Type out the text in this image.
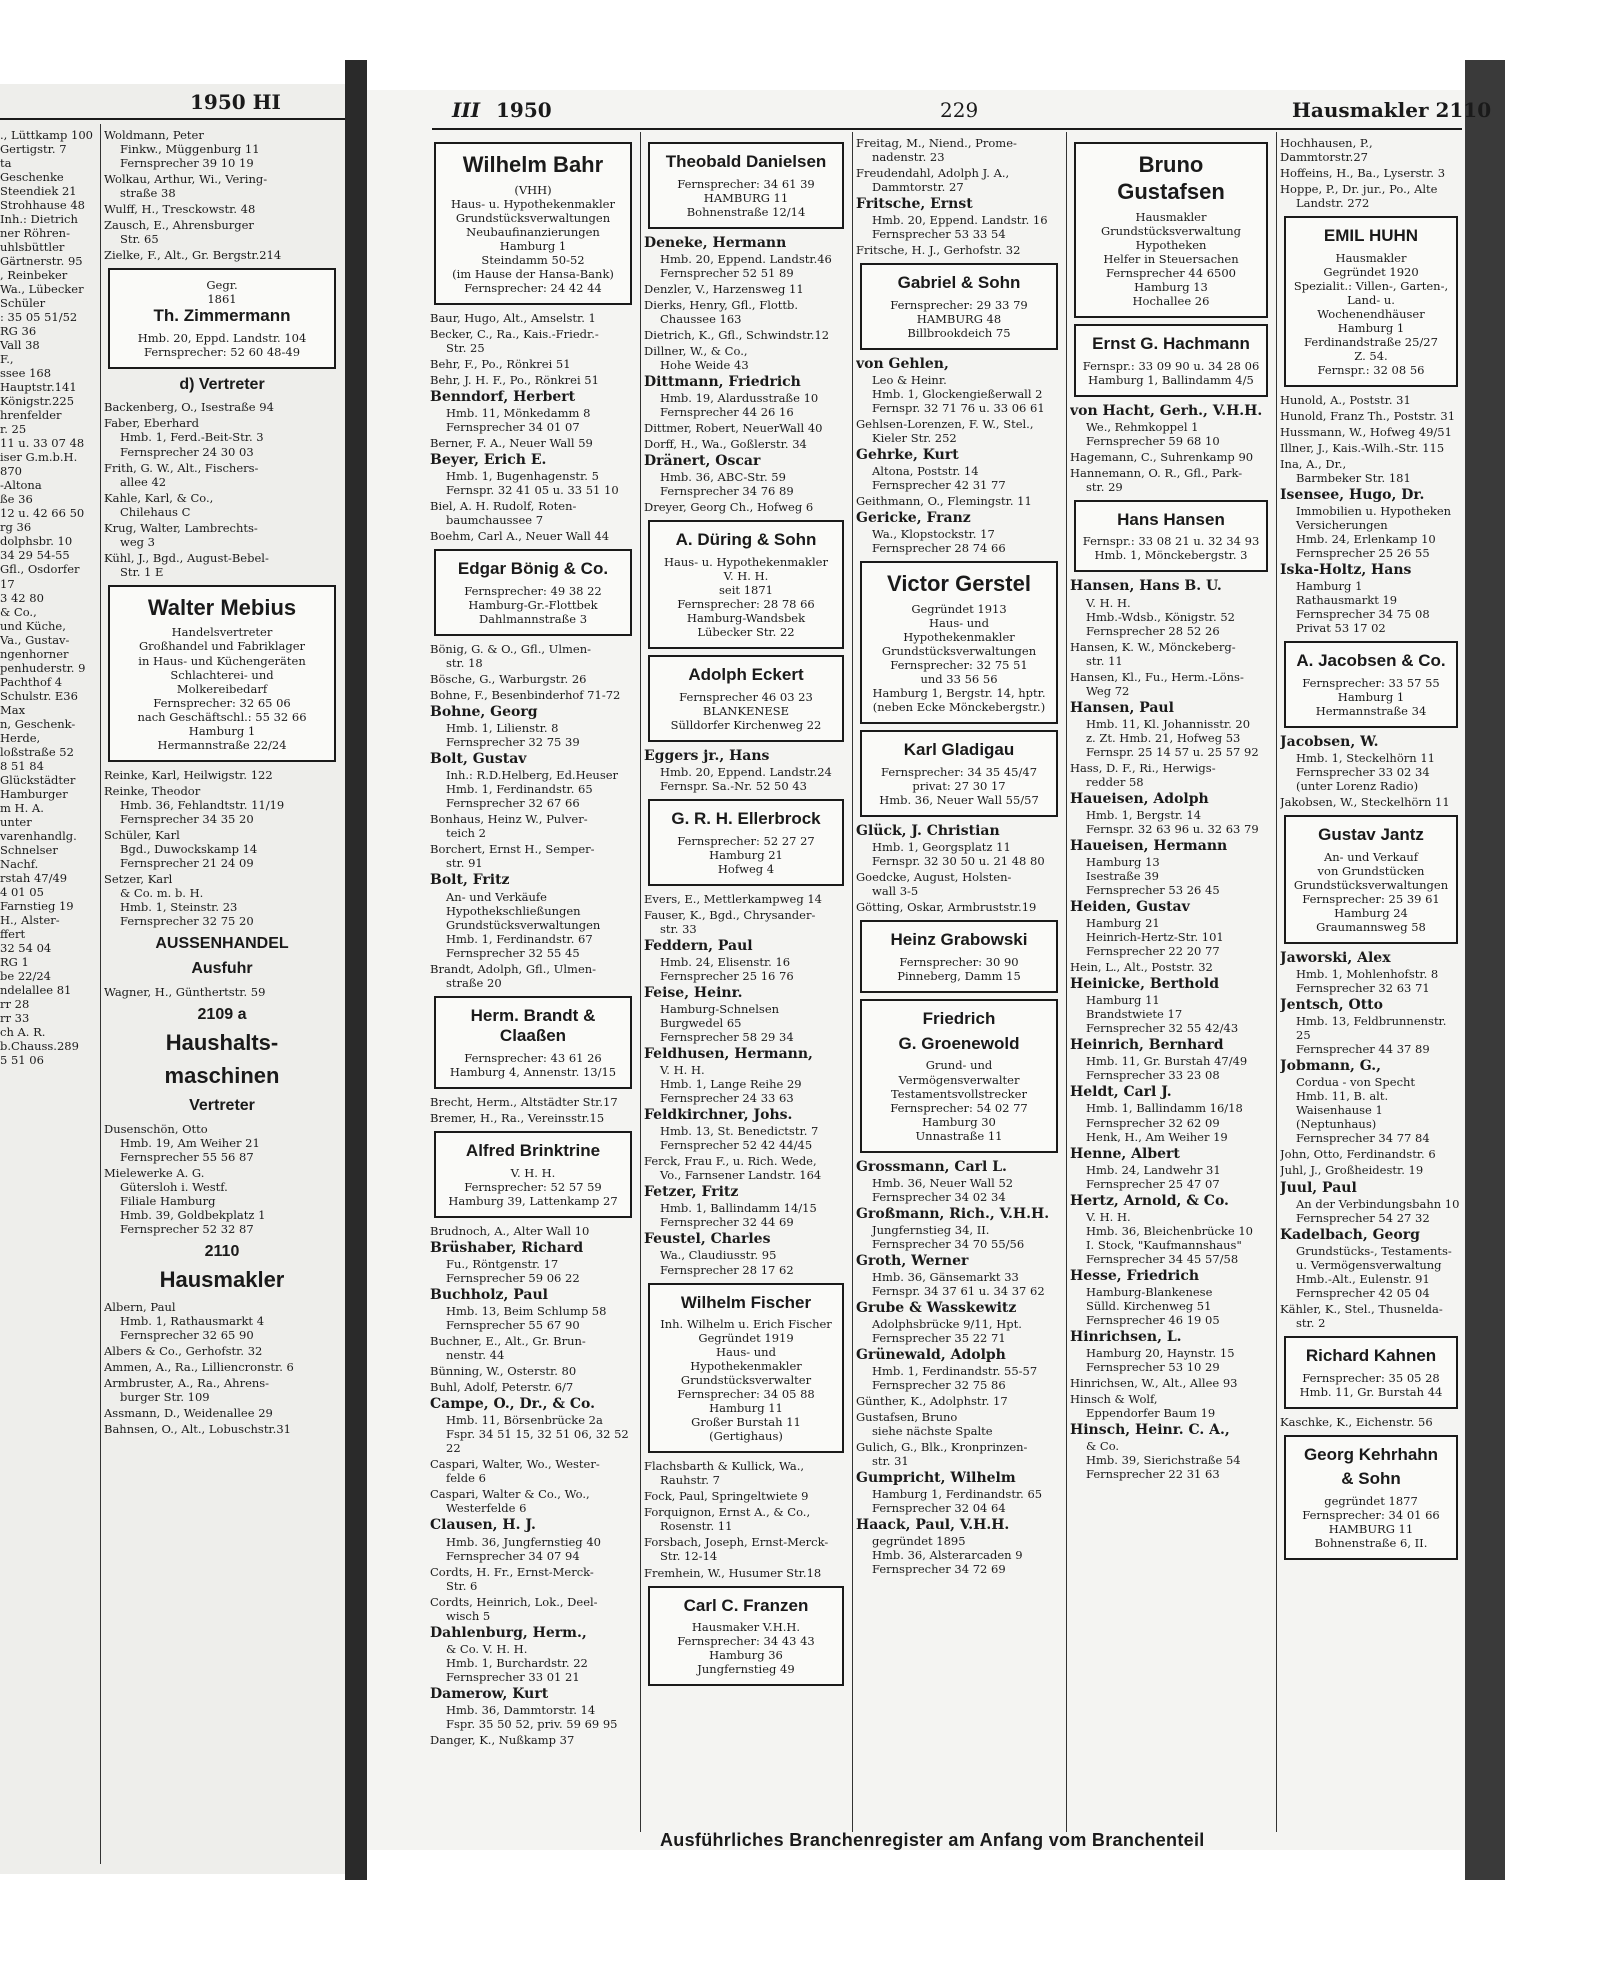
1950 HI
., Lüttkamp 100
Gertigstr. 7
ta
Geschenke
Steendiek 21
Strohhause 48
Inh.: Dietrich
ner Röhren-
uhlsbüttler
Gärtnerstr. 95
, Reinbeker
Wa., Lübecker
Schüler
: 35 05 51/52
RG 36
Vall 38
F.,
ssee 168
Hauptstr.141
Königstr.225
hrenfelder
r. 25
11 u. 33 07 48
iser G.m.b.H.
870
-Altona
ße 36
12 u. 42 66 50
rg 36
dolphsbr. 10
34 29 54-55
Gfl., Osdorfer
17
3 42 80
& Co.,
und Küche,
Va., Gustav-
ngenhorner
penhuderstr. 9
Pachthof 4
Schulstr. E36
Max
n, Geschenk-
Herde,
loßstraße 52
8 51 84
Glückstädter
Hamburger
m H. A.
unter
varenhandlg.
Schnelser
Nachf.
rstah 47/49
4 01 05
Farnstieg 19
H., Alster-
ffert
32 54 04
RG 1
be 22/24
ndelallee 81
rr 28
rr 33
ch A. R.
b.Chauss.289
5 51 06
Woldmann, Peter
Finkw., Müggenburg 11
Fernsprecher 39 10 19
Wolkau, Arthur, Wi., Vering-
straße 38
Wulff, H., Tresckowstr. 48
Zausch, E., Ahrensburger
Str. 65
Zielke, F., Alt., Gr. Bergstr.214
Gegr.
1861
Th. Zimmermann
Hmb. 20, Eppd. Landstr. 104
Fernsprecher: 52 60 48-49
d) Vertreter
Backenberg, O., Isestraße 94
Faber, Eberhard
Hmb. 1, Ferd.-Beit-Str. 3
Fernsprecher 24 30 03
Frith, G. W., Alt., Fischers-
allee 42
Kahle, Karl, & Co.,
Chilehaus C
Krug, Walter, Lambrechts-
weg 3
Kühl, J., Bgd., August-Bebel-
Str. 1 E
Walter Mebius
Handelsvertreter
Großhandel und Fabriklager
in Haus- und Küchengeräten
Schlachterei- und
Molkereibedarf
Fernsprecher: 32 65 06
nach Geschäftschl.: 55 32 66
Hamburg 1
Hermannstraße 22/24
Reinke, Karl, Heilwigstr. 122
Reinke, Theodor
Hmb. 36, Fehlandtstr. 11/19
Fernsprecher 34 35 20
Schüler, Karl
Bgd., Duwockskamp 14
Fernsprecher 21 24 09
Setzer, Karl
& Co. m. b. H.
Hmb. 1, Steinstr. 23
Fernsprecher 32 75 20
AUSSENHANDEL
Ausfuhr
Wagner, H., Günthertstr. 59
2109 a
Haushalts-
maschinen
Vertreter
Dusenschön, Otto
Hmb. 19, Am Weiher 21
Fernsprecher 55 56 87
Mielewerke A. G.
Gütersloh i. Westf.
Filiale Hamburg
Hmb. 39, Goldbekplatz 1
Fernsprecher 52 32 87
2110
Hausmakler
Albern, Paul
Hmb. 1, Rathausmarkt 4
Fernsprecher 32 65 90
Albers & Co., Gerhofstr. 32
Ammen, A., Ra., Lilliencronstr. 6
Armbruster, A., Ra., Ahrens-
burger Str. 109
Assmann, D., Weidenallee 29
Bahnsen, O., Alt., Lobuschstr.31
III 1950	229	Hausmakler 2110
Wilhelm Bahr
(VHH)
Haus- u. Hypothekenmakler
Grundstücksverwaltungen
Neubaufinanzierungen
Hamburg 1
Steindamm 50-52
(im Hause der Hansa-Bank)
Fernsprecher: 24 42 44
Baur, Hugo, Alt., Amselstr. 1
Becker, C., Ra., Kais.-Friedr.-
Str. 25
Behr, F., Po., Rönkrei 51
Behr, J. H. F., Po., Rönkrei 51
Benndorf, Herbert
Hmb. 11, Mönkedamm 8
Fernsprecher 34 01 07
Berner, F. A., Neuer Wall 59
Beyer, Erich E.
Hmb. 1, Bugenhagenstr. 5
Fernspr. 32 41 05 u. 33 51 10
Biel, A. H. Rudolf, Roten-
baumchaussee 7
Boehm, Carl A., Neuer Wall 44
Edgar Bönig & Co.
Fernsprecher: 49 38 22
Hamburg-Gr.-Flottbek
Dahlmannstraße 3
Bönig, G. & O., Gfl., Ulmen-
str. 18
Bösche, G., Warburgstr. 26
Bohne, F., Besenbinderhof 71-72
Bohne, Georg
Hmb. 1, Lilienstr. 8
Fernsprecher 32 75 39
Bolt, Gustav
Inh.: R.D.Helberg, Ed.Heuser
Hmb. 1, Ferdinandstr. 65
Fernsprecher 32 67 66
Bonhaus, Heinz W., Pulver-
teich 2
Borchert, Ernst H., Semper-
str. 91
Bolt, Fritz
An- und Verkäufe
Hypothekschließungen
Grundstücksverwaltungen
Hmb. 1, Ferdinandstr. 67
Fernsprecher 32 55 45
Brandt, Adolph, Gfl., Ulmen-
straße 20
Herm. Brandt & Claaßen
Fernsprecher: 43 61 26
Hamburg 4, Annenstr. 13/15
Brecht, Herm., Altstädter Str.17
Bremer, H., Ra., Vereinsstr.15
Alfred Brinktrine
V. H. H.
Fernsprecher: 52 57 59
Hamburg 39, Lattenkamp 27
Brudnoch, A., Alter Wall 10
Brüshaber, Richard
Fu., Röntgenstr. 17
Fernsprecher 59 06 22
Buchholz, Paul
Hmb. 13, Beim Schlump 58
Fernsprecher 55 67 90
Buchner, E., Alt., Gr. Brun-
nenstr. 44
Bünning, W., Osterstr. 80
Buhl, Adolf, Peterstr. 6/7
Campe, O., Dr., & Co.
Hmb. 11, Börsenbrücke 2a
Fspr. 34 51 15, 32 51 06, 32 52 22
Caspari, Walter, Wo., Wester-
felde 6
Caspari, Walter & Co., Wo.,
Westerfelde 6
Clausen, H. J.
Hmb. 36, Jungfernstieg 40
Fernsprecher 34 07 94
Cordts, H. Fr., Ernst-Merck-
Str. 6
Cordts, Heinrich, Lok., Deel-
wisch 5
Dahlenburg, Herm.,
& Co. V. H. H.
Hmb. 1, Burchardstr. 22
Fernsprecher 33 01 21
Damerow, Kurt
Hmb. 36, Dammtorstr. 14
Fspr. 35 50 52, priv. 59 69 95
Danger, K., Nußkamp 37
Theobald Danielsen
Fernsprecher: 34 61 39
HAMBURG 11
Bohnenstraße 12/14
Deneke, Hermann
Hmb. 20, Eppend. Landstr.46
Fernsprecher 52 51 89
Denzler, V., Harzensweg 11
Dierks, Henry, Gfl., Flottb.
Chaussee 163
Dietrich, K., Gfl., Schwindstr.12
Dillner, W., & Co.,
Hohe Weide 43
Dittmann, Friedrich
Hmb. 19, Alardusstraße 10
Fernsprecher 44 26 16
Dittmer, Robert, NeuerWall 40
Dorff, H., Wa., Goßlerstr. 34
Dränert, Oscar
Hmb. 36, ABC-Str. 59
Fernsprecher 34 76 89
Dreyer, Georg Ch., Hofweg 6
A. Düring & Sohn
Haus- u. Hypothekenmakler
V. H. H.
seit 1871
Fernsprecher: 28 78 66
Hamburg-Wandsbek
Lübecker Str. 22
Adolph Eckert
Fernsprecher 46 03 23
BLANKENESE
Sülldorfer Kirchenweg 22
Eggers jr., Hans
Hmb. 20, Eppend. Landstr.24
Fernspr. Sa.-Nr. 52 50 43
G. R. H. Ellerbrock
Fernsprecher: 52 27 27
Hamburg 21
Hofweg 4
Evers, E., Mettlerkampweg 14
Fauser, K., Bgd., Chrysander-
str. 33
Feddern, Paul
Hmb. 24, Elisenstr. 16
Fernsprecher 25 16 76
Feise, Heinr.
Hamburg-Schnelsen
Burgwedel 65
Fernsprecher 58 29 34
Feldhusen, Hermann,
V. H. H.
Hmb. 1, Lange Reihe 29
Fernsprecher 24 33 63
Feldkirchner, Johs.
Hmb. 13, St. Benedictstr. 7
Fernsprecher 52 42 44/45
Ferck, Frau F., u. Rich. Wede,
Vo., Farnsener Landstr. 164
Fetzer, Fritz
Hmb. 1, Ballindamm 14/15
Fernsprecher 32 44 69
Feustel, Charles
Wa., Claudiusstr. 95
Fernsprecher 28 17 62
Wilhelm Fischer
Inh. Wilhelm u. Erich Fischer
Gegründet 1919
Haus- und
Hypothekenmakler
Grundstücksverwalter
Fernsprecher: 34 05 88
Hamburg 11
Großer Burstah 11
(Gertighaus)
Flachsbarth & Kullick, Wa.,
Rauhstr. 7
Fock, Paul, Springeltwiete 9
Forquignon, Ernst A., & Co.,
Rosenstr. 11
Forsbach, Joseph, Ernst-Merck-
Str. 12-14
Fremhein, W., Husumer Str.18
Carl C. Franzen
Hausmaker V.H.H.
Fernsprecher: 34 43 43
Hamburg 36
Jungfernstieg 49
Freitag, M., Niend., Prome-
nadenstr. 23
Freudendahl, Adolph J. A.,
Dammtorstr. 27
Fritsche, Ernst
Hmb. 20, Eppend. Landstr. 16
Fernsprecher 53 33 54
Fritsche, H. J., Gerhofstr. 32
Gabriel & Sohn
Fernsprecher: 29 33 79
HAMBURG 48
Billbrookdeich 75
von Gehlen,
Leo & Heinr.
Hmb. 1, Glockengießerwall 2
Fernspr. 32 71 76 u. 33 06 61
Gehlsen-Lorenzen, F. W., Stel.,
Kieler Str. 252
Gehrke, Kurt
Altona, Poststr. 14
Fernsprecher 42 31 77
Geithmann, O., Flemingstr. 11
Gericke, Franz
Wa., Klopstockstr. 17
Fernsprecher 28 74 66
Victor Gerstel
Gegründet 1913
Haus- und
Hypothekenmakler
Grundstücksverwaltungen
Fernsprecher: 32 75 51
und 33 56 56
Hamburg 1, Bergstr. 14, hptr.
(neben Ecke Mönckebergstr.)
Karl Gladigau
Fernsprecher: 34 35 45/47
privat: 27 30 17
Hmb. 36, Neuer Wall 55/57
Glück, J. Christian
Hmb. 1, Georgsplatz 11
Fernspr. 32 30 50 u. 21 48 80
Goedcke, August, Holsten-
wall 3-5
Götting, Oskar, Armbruststr.19
Heinz Grabowski
Fernsprecher: 30 90
Pinneberg, Damm 15
Friedrich
G. Groenewold
Grund- und
Vermögensverwalter
Testamentsvollstrecker
Fernsprecher: 54 02 77
Hamburg 30
Unnastraße 11
Grossmann, Carl L.
Hmb. 36, Neuer Wall 52
Fernsprecher 34 02 34
Großmann, Rich., V.H.H.
Jungfernstieg 34, II.
Fernsprecher 34 70 55/56
Groth, Werner
Hmb. 36, Gänsemarkt 33
Fernspr. 34 37 61 u. 34 37 62
Grube & Wasskewitz
Adolphsbrücke 9/11, Hpt.
Fernsprecher 35 22 71
Grünewald, Adolph
Hmb. 1, Ferdinandstr. 55-57
Fernsprecher 32 75 86
Günther, K., Adolphstr. 17
Gustafsen, Bruno
siehe nächste Spalte
Gulich, G., Blk., Kronprinzen-
str. 31
Gumpricht, Wilhelm
Hamburg 1, Ferdinandstr. 65
Fernsprecher 32 04 64
Haack, Paul, V.H.H.
gegründet 1895
Hmb. 36, Alsterarcaden 9
Fernsprecher 34 72 69
Bruno Gustafsen
Hausmakler
Grundstücksverwaltung
Hypotheken
Helfer in Steuersachen
Fernsprecher 44 6500
Hamburg 13
Hochallee 26
Ernst G. Hachmann
Fernspr.: 33 09 90 u. 34 28 06
Hamburg 1, Ballindamm 4/5
von Hacht, Gerh., V.H.H.
We., Rehmkoppel 1
Fernsprecher 59 68 10
Hagemann, C., Suhrenkamp 90
Hannemann, O. R., Gfl., Park-
str. 29
Hans Hansen
Fernspr.: 33 08 21 u. 32 34 93
Hmb. 1, Mönckebergstr. 3
Hansen, Hans B. U.
V. H. H.
Hmb.-Wdsb., Königstr. 52
Fernsprecher 28 52 26
Hansen, K. W., Mönckeberg-
str. 11
Hansen, Kl., Fu., Herm.-Löns-
Weg 72
Hansen, Paul
Hmb. 11, Kl. Johannisstr. 20
z. Zt. Hmb. 21, Hofweg 53
Fernspr. 25 14 57 u. 25 57 92
Hass, D. F., Ri., Herwigs-
redder 58
Haueisen, Adolph
Hmb. 1, Bergstr. 14
Fernspr. 32 63 96 u. 32 63 79
Haueisen, Hermann
Hamburg 13
Isestraße 39
Fernsprecher 53 26 45
Heiden, Gustav
Hamburg 21
Heinrich-Hertz-Str. 101
Fernsprecher 22 20 77
Hein, L., Alt., Poststr. 32
Heinicke, Berthold
Hamburg 11
Brandstwiete 17
Fernsprecher 32 55 42/43
Heinrich, Bernhard
Hmb. 11, Gr. Burstah 47/49
Fernsprecher 33 23 08
Heldt, Carl J.
Hmb. 1, Ballindamm 16/18
Fernsprecher 32 62 09
Henk, H., Am Weiher 19
Henne, Albert
Hmb. 24, Landwehr 31
Fernsprecher 25 47 07
Hertz, Arnold, & Co.
V. H. H.
Hmb. 36, Bleichenbrücke 10
I. Stock, "Kaufmannshaus"
Fernsprecher 34 45 57/58
Hesse, Friedrich
Hamburg-Blankenese
Sülld. Kirchenweg 51
Fernsprecher 46 19 05
Hinrichsen, L.
Hamburg 20, Haynstr. 15
Fernsprecher 53 10 29
Hinrichsen, W., Alt., Allee 93
Hinsch & Wolf,
Eppendorfer Baum 19
Hinsch, Heinr. C. A.,
& Co.
Hmb. 39, Sierichstraße 54
Fernsprecher 22 31 63
Hochhausen, P., Dammtorstr.27
Hoffeins, H., Ba., Lyserstr. 3
Hoppe, P., Dr. jur., Po., Alte
Landstr. 272
EMIL HUHN
Hausmakler
Gegründet 1920
Spezialit.: Villen-, Garten-,
Land- u. Wochenendhäuser
Hamburg 1
Ferdinandstraße 25/27
Z. 54.
Fernspr.: 32 08 56
Hunold, A., Poststr. 31
Hunold, Franz Th., Poststr. 31
Hussmann, W., Hofweg 49/51
Illner, J., Kais.-Wilh.-Str. 115
Ina, A., Dr.,
Barmbeker Str. 181
Isensee, Hugo, Dr.
Immobilien u. Hypotheken
Versicherungen
Hmb. 24, Erlenkamp 10
Fernsprecher 25 26 55
Iska-Holtz, Hans
Hamburg 1
Rathausmarkt 19
Fernsprecher 34 75 08
Privat 53 17 02
A. Jacobsen & Co.
Fernsprecher: 33 57 55
Hamburg 1
Hermannstraße 34
Jacobsen, W.
Hmb. 1, Steckelhörn 11
Fernsprecher 33 02 34
(unter Lorenz Radio)
Jakobsen, W., Steckelhörn 11
Gustav Jantz
An- und Verkauf
von Grundstücken
Grundstücksverwaltungen
Fernsprecher: 25 39 61
Hamburg 24
Graumannsweg 58
Jaworski, Alex
Hmb. 1, Mohlenhofstr. 8
Fernsprecher 32 63 71
Jentsch, Otto
Hmb. 13, Feldbrunnenstr. 25
Fernsprecher 44 37 89
Jobmann, G.,
Cordua - von Specht
Hmb. 11, B. alt. Waisenhause 1
(Neptunhaus)
Fernsprecher 34 77 84
John, Otto, Ferdinandstr. 6
Juhl, J., Großheidestr. 19
Juul, Paul
An der Verbindungsbahn 10
Fernsprecher 54 27 32
Kadelbach, Georg
Grundstücks-, Testaments-
u. Vermögensverwaltung
Hmb.-Alt., Eulenstr. 91
Fernsprecher 42 05 04
Kähler, K., Stel., Thusnelda-
str. 2
Richard Kahnen
Fernsprecher: 35 05 28
Hmb. 11, Gr. Burstah 44
Kaschke, K., Eichenstr. 56
Georg Kehrhahn
& Sohn
gegründet 1877
Fernsprecher: 34 01 66
HAMBURG 11
Bohnenstraße 6, II.
Ausführliches Branchenregister am Anfang vom Branchenteil
